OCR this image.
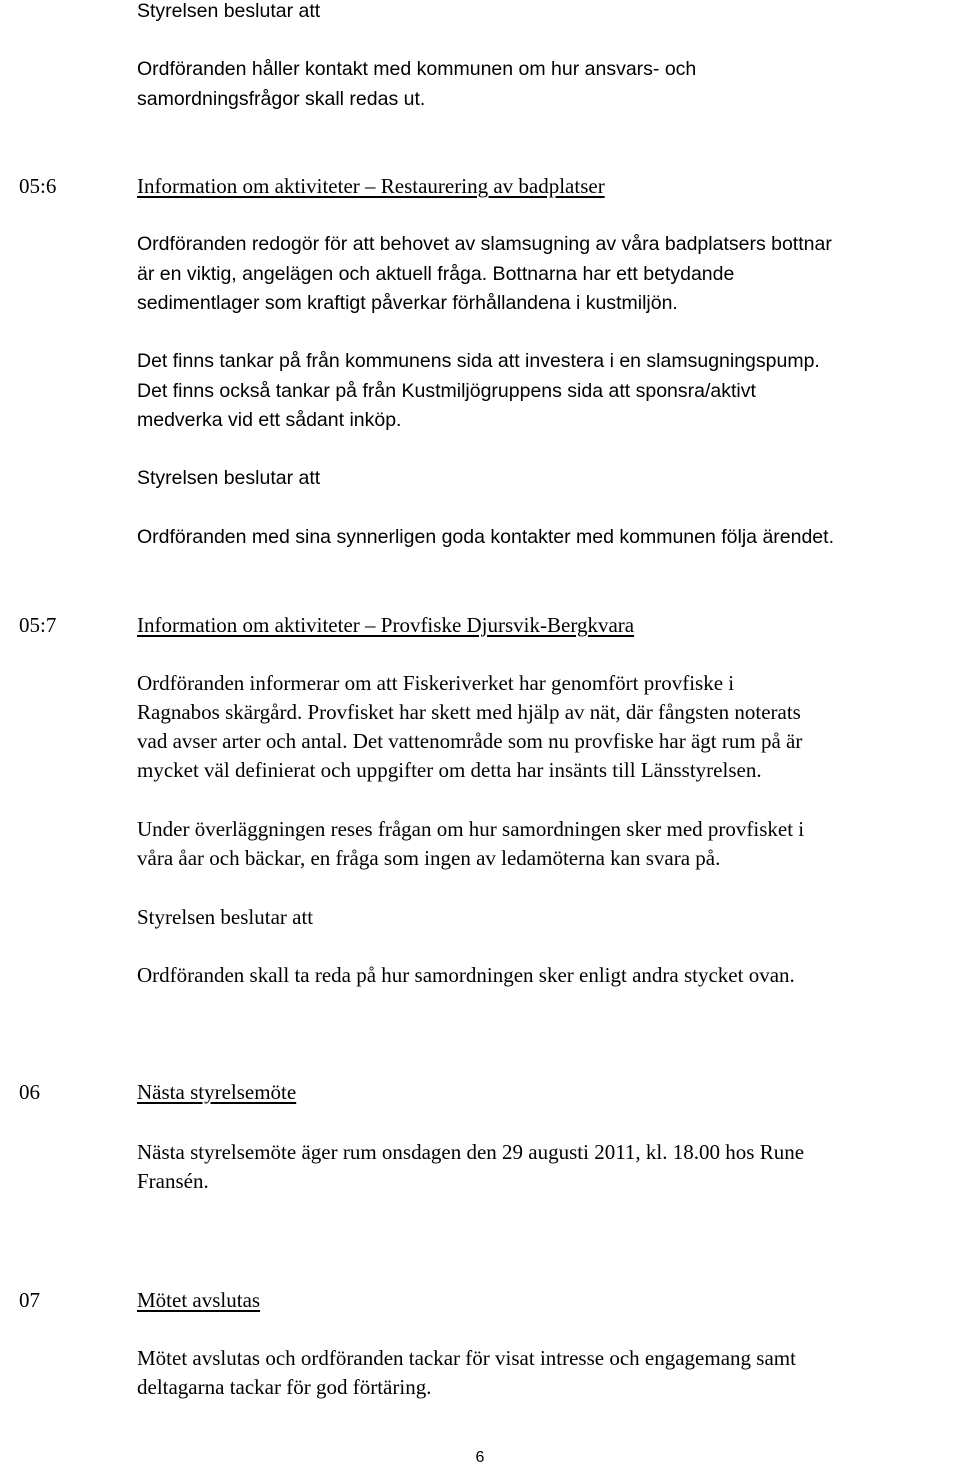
Styrelsen beslutar att

Ordföranden håller kontakt med kommunen om hur ansvars- och
samordningsfrågor skall redas ut.

05:6	Information om aktiviteter – Restaurering av badplatser

Ordföranden redogör för att behovet av slamsugning av våra badplatsers bottnar
är en viktig, angelägen och aktuell fråga. Bottnarna har ett betydande
sedimentlager som kraftigt påverkar förhållandena i kustmiljön.

Det finns tankar på från kommunens sida att investera i en slamsugningspump.
Det finns också tankar på från Kustmiljögruppens sida att sponsra/aktivt
medverka vid ett sådant inköp.

Styrelsen beslutar att

Ordföranden med sina synnerligen goda kontakter med kommunen följa ärendet.

05:7	Information om aktiviteter – Provfiske Djursvik-Bergkvara

Ordföranden informerar om att Fiskeriverket har genomfört provfiske i
Ragnabos skärgård. Provfisket har skett med hjälp av nät, där fångsten noterats
vad avser arter och antal. Det vattenområde som nu provfiske har ägt rum på är
mycket väl definierat och uppgifter om detta har insänts till Länsstyrelsen.

Under överläggningen reses frågan om hur samordningen sker med provfisket i
våra åar och bäckar, en fråga som ingen av ledamöterna kan svara på.

Styrelsen beslutar att

Ordföranden skall ta reda på hur samordningen sker enligt andra stycket ovan.

06	Nästa styrelsemöte

Nästa styrelsemöte äger rum onsdagen den 29 augusti 2011, kl. 18.00 hos Rune
Fransén.

07	Mötet avslutas

Mötet avslutas och ordföranden tackar för visat intresse och engagemang samt
deltagarna tackar för god förtäring.

6
